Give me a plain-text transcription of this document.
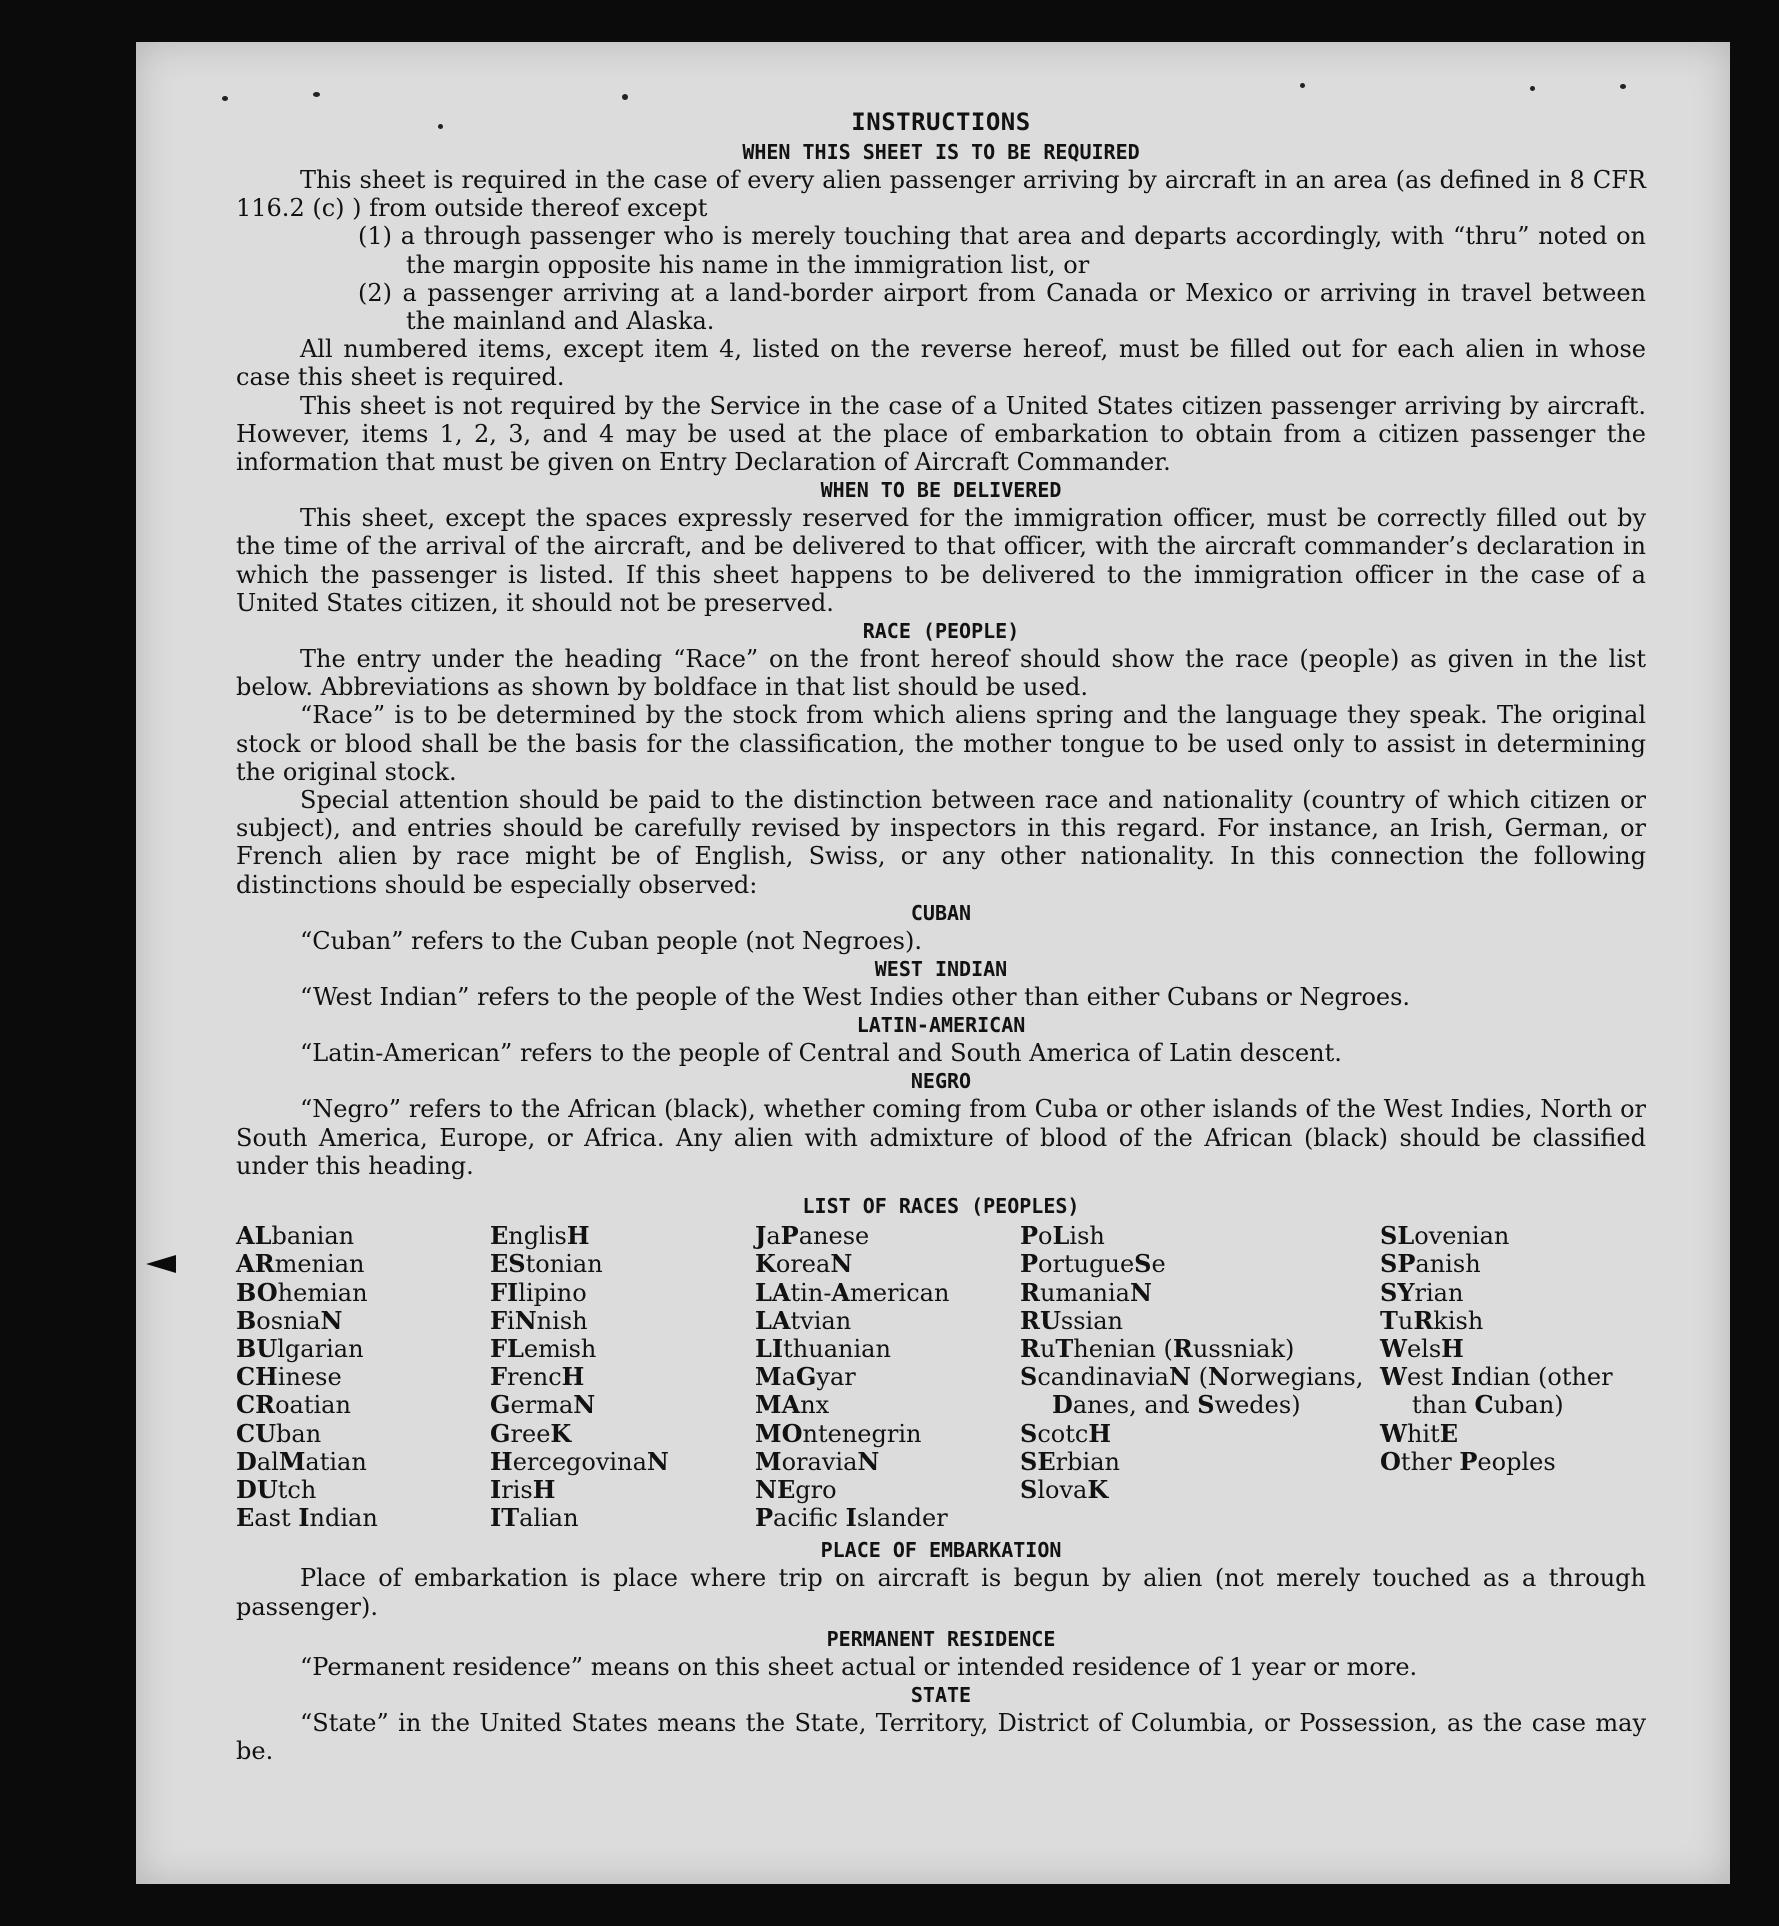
INSTRUCTIONS
WHEN THIS SHEET IS TO BE REQUIRED

This sheet is required in the case of every alien passenger arriving by aircraft in an area (as defined in 8 CFR 116.2 (c) ) from outside thereof except

(1) a through passenger who is merely touching that area and departs accordingly, with “thru” noted on the margin opposite his name in the immigration list, or
(2) a passenger arriving at a land-border airport from Canada or Mexico or arriving in travel between the mainland and Alaska.

All numbered items, except item 4, listed on the reverse hereof, must be filled out for each alien in whose case this sheet is required.

This sheet is not required by the Service in the case of a United States citizen passenger arriving by aircraft. However, items 1, 2, 3, and 4 may be used at the place of embarkation to obtain from a citizen passenger the information that must be given on Entry Declaration of Aircraft Commander.

WHEN TO BE DELIVERED

This sheet, except the spaces expressly reserved for the immigration officer, must be correctly filled out by the time of the arrival of the aircraft, and be delivered to that officer, with the aircraft commander’s declaration in which the passenger is listed. If this sheet happens to be delivered to the immigration officer in the case of a United States citizen, it should not be preserved.

RACE (PEOPLE)

The entry under the heading “Race” on the front hereof should show the race (people) as given in the list below. Abbreviations as shown by boldface in that list should be used.

“Race” is to be determined by the stock from which aliens spring and the language they speak. The original stock or blood shall be the basis for the classification, the mother tongue to be used only to assist in determining the original stock.

Special attention should be paid to the distinction between race and nationality (country of which citizen or subject), and entries should be carefully revised by inspectors in this regard. For instance, an Irish, German, or French alien by race might be of English, Swiss, or any other nationality. In this connection the following distinctions should be especially observed:

CUBAN

“Cuban” refers to the Cuban people (not Negroes).

WEST INDIAN

“West Indian” refers to the people of the West Indies other than either Cubans or Negroes.

LATIN-AMERICAN

“Latin-American” refers to the people of Central and South America of Latin descent.

NEGRO

“Negro” refers to the African (black), whether coming from Cuba or other islands of the West Indies, North or South America, Europe, or Africa. Any alien with admixture of blood of the African (black) should be classified under this heading.

LIST OF RACES (PEOPLES)
ALbanian
ARmenian
BOhemian
BosniaN
BUlgarian
CHinese
CRoatian
CUban
DalMatian
DUtch
East Indian
EnglisH
EStonian
FIlipino
FiNnish
FLemish
FrencH
GermaN
GreeK
HercegovinaN
IrisH
ITalian
JaPanese
KoreaN
LAtin-American
LAtvian
LIthuanian
MaGyar
MAnx
MOntenegrin
MoraviaN
NEgro
Pacifc Islander
PoLish
PortugueSe
RumaniaN
RUssian
RuThenian (Russniak)
ScandinaviaN (Norwegians, Danes, and Swedes)
ScotcH
SErbian
SlovaK
SLovenian
SPanish
SYrian
TuRkish
WelsH
West Indian (other than Cuban)
WhitE
Other Peoples
PLACE OF EMBARKATION

Place of embarkation is place where trip on aircraft is begun by alien (not merely touched as a through passenger).

PERMANENT RESIDENCE

“Permanent residence” means on this sheet actual or intended residence of 1 year or more.

STATE

“State” in the United States means the State, Territory, District of Columbia, or Possession, as the case may be.
